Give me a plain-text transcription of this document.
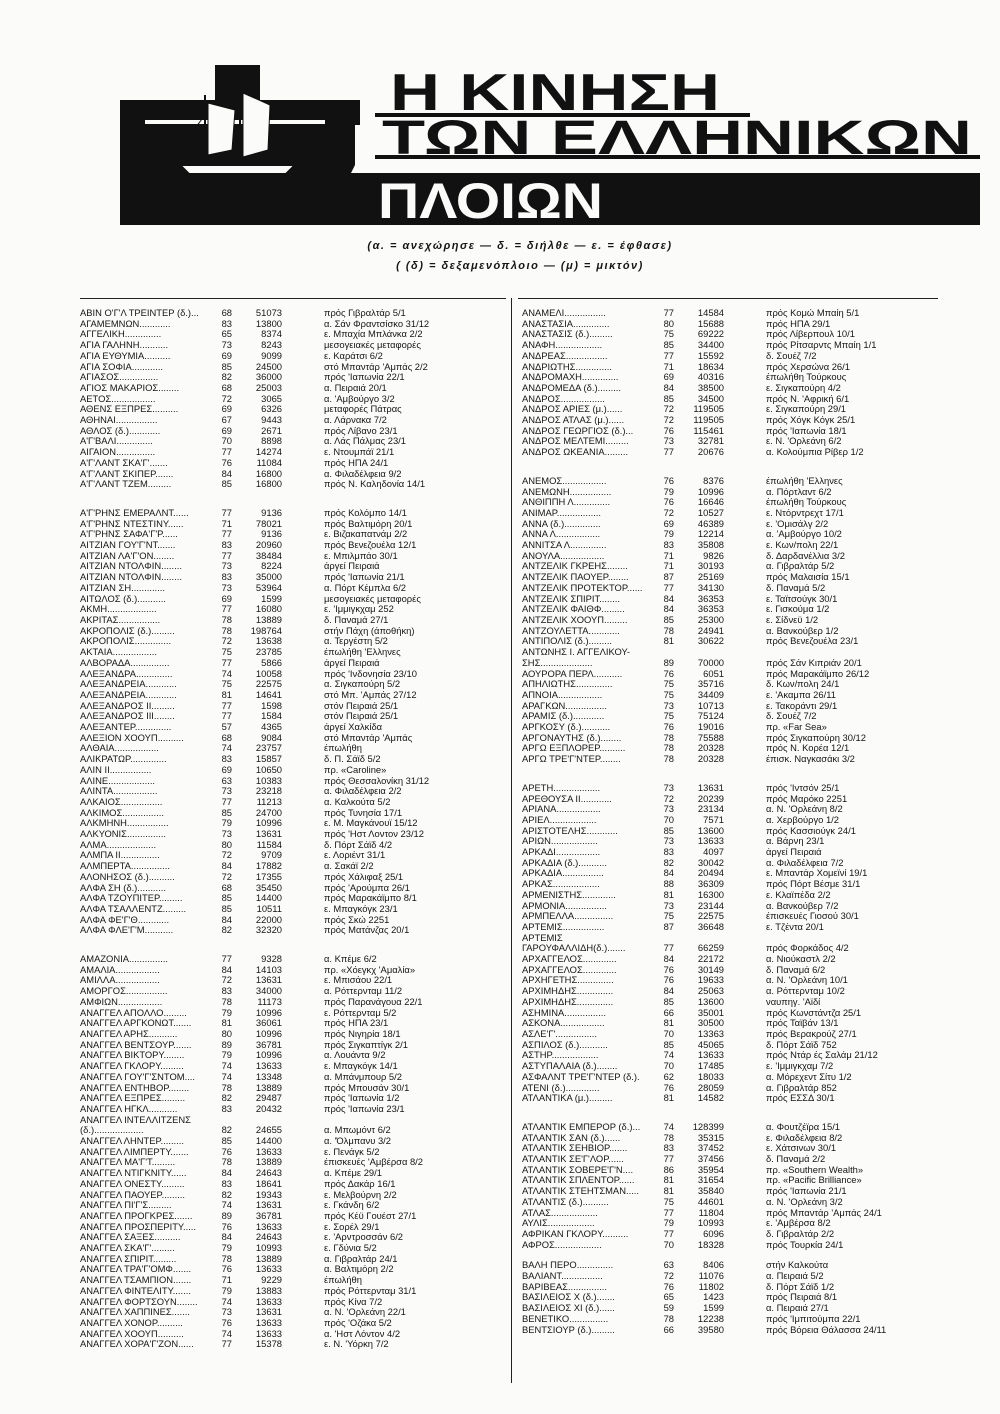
Η ΚΙΝΗΣΗ
ΤΩΝ ΕΛΛΗΝΙΚΩΝ
ΠΛΟΙΩΝ
(α. = ανεχώρησε — δ. = διήλθε — ε. = έφθασε)
( (δ) = δεξαμενόπλοιο — (μ) = μικτόν)
ΑΒΙΝ Ο'Γ'Λ ΤΡΕΙΝΤΕΡ (δ.)...	68	51073	πρός Γιβραλτάρ 5/1
ΑΓΑΜΕΜΝΩΝ............	83	13800	α. Σάν Φραντσίσκο 31/12
ΑΓΓΕΛΙΚΗ..............	65	8374	ε. Μπαχία Μπλάνκα 2/2
ΑΓΙΑ ΓΑΛΗΝΗ...........	73	8243	μεσογειακές μεταφορές
ΑΓΙΑ ΕΥΘΥΜΙΑ..........	69	9099	ε. Καράτσι 6/2
ΑΓΙΑ ΣΟΦΙΑ............	85	24500	στό Μπαντάρ 'Αμπάς 2/2
ΑΓΙΑΣΟΣ...............	82	36000	πρός 'Ιαπωνία 22/1
ΑΓΙΟΣ ΜΑΚΑΡΙΟΣ........	68	25003	α. Πειραιά 20/1
ΑΕΤΟΣ.................	72	3065	α. 'Αμβούργο 3/2
ΑΘΕΝΣ ΕΞΠΡΕΣ..........	69	6326	μεταφορές Πάτρας
ΑΘΗΝΑΙ................	67	9443	α. Λάρνακα 7/2
ΑΘΛΟΣ (δ.)............	69	2671	πρός Λίβανο 23/1
Α'Γ'ΒΑΛΙ..............	70	8898	α. Λάς Πάλμας 23/1
ΑΙΓΑΙΟΝ...............	77	14274	ε. Ντουμπάϊ 21/1
Α'Γ'ΛΑΝΤ ΣΚΑ'Γ'.......	76	11084	πρός ΗΠΑ 24/1
Α'Γ'ΛΑΝΤ ΣΚΙΠΕΡ.......	84	16800	α. Φιλαδέλφεια 9/2
Α'Γ'ΛΑΝΤ ΤΖΕΜ.........	85	16800	πρός Ν. Καληδονία 14/1
Α'Γ'ΡΗΝΣ ΕΜΕΡΑΛΝΤ......	77	9136	πρός Κολόμπο 14/1
Α'Γ'ΡΗΝΣ ΝΤΕΣΤΙΝΥ......	71	78021	πρός Βαλτιμόρη 20/1
Α'Γ'ΡΗΝΣ ΣΑΦΑ'Γ'Ρ......	77	9136	ε. Βιζακαπατνάμ 2/2
ΑΙΤΖΙΑΝ ΓΟΥ'Γ'ΝΤ.......	83	20960	πρός Βενεζουέλα 12/1
ΑΙΤΖΙΑΝ ΛΑ'Γ'ΟΝ........	77	38484	ε. Μπιλμπάο 30/1
ΑΙΤΖΙΑΝ ΝΤΟΛΦΙΝ........	73	8224	άργεί Πειραιά
ΑΙΤΖΙΑΝ ΝΤΟΛΦΙΝ........	83	35000	πρός 'Ιαπωνία 21/1
ΑΙΤΖΙΑΝ ΣΗ.............	73	53964	α. Πόρτ Κέμπλα 6/2
ΑΙΤΩΛΟΣ (δ.)...........	69	1599	μεσογειακές μεταφορές
ΑΚΜΗ...................	77	16080	ε. 'Ιμμιγκχαμ 252
ΑΚΡΙΤΑΣ................	78	13889	δ. Παναμά 27/1
ΑΚΡΟΠΟΛΙΣ (δ.).........	78	198764	στήν Πάχη (άποθήκη)
ΑΚΡΟΠΟΛΙΣ..............	72	13638	α. Τεργέστη 5/2
ΑΚΤΑΙΑ.................	75	23785	έπωλήθη 'Ελληνες
ΑΛΒΟΡΑΔΑ...............	77	5866	άργεί Πειραιά
ΑΛΕΞΑΝΔΡΑ..............	74	10058	πρός 'Ινδονησία 23/10
ΑΛΕΞΑΝΔΡΕΙΑ............	75	22575	α. Σιγκαπούρη 5/2
ΑΛΕΞΑΝΔΡΕΙΑ............	81	14641	στό Μπ. 'Αμπάς 27/12
ΑΛΕΞΑΝΔΡΟΣ II.........	77	1598	στόν Πειραιά 25/1
ΑΛΕΞΑΝΔΡΟΣ III........	77	1584	στόν Πειραιά 25/1
ΑΛΕΞΑΝΤΕΡ..............	57	4365	άργεί Χαλκίδα
ΑΛΕΞΙΟΝ ΧΟΟΥΠ..........	68	9084	στό Μπαντάρ 'Αμπάς
ΑΛΘΑΙΑ.................	74	23757	έπωλήθη
ΑΛΙΚΡΑΤΩΡ..............	83	15857	δ. Π. Σάϊδ 5/2
ΑΛΙΝ II................	69	10650	πρ. «Caroline»
ΑΛΙΝΕ..................	63	10383	πρός Θεσσαλονίκη 31/12
ΑΛΙΝΤΑ.................	73	23218	α. Φιλαδέλφεια 2/2
ΑΛΚΑΙΟΣ................	77	11213	α. Καλκούτα 5/2
ΑΛΚΙΜΟΣ................	85	24700	πρός Τυνησία 17/1
ΑΛΚΜΗΝΗ................	79	10996	ε. Μ. Μαγκάνουϊ 15/12
ΑΛΚΥΟΝΙΣ...............	73	13631	πρός 'Ηστ Λοντον 23/12
ΑΛΜΑ...................	80	11584	δ. Πόρτ Σάϊδ 4/2
ΑΛΜΠΑ II...............	72	9709	ε. Λοριέντ 31/1
ΑΛΜΠΕΡΤΑ...............	84	17882	α. Σακάϊ 2/2
ΑΛΟΝΗΣΟΣ (δ.)..........	72	17355	πρός Χάλιφαξ 25/1
ΑΛΦΑ ΣΗ (δ.)...........	68	35450	πρός 'Αρούμπα 26/1
ΑΛΦΑ ΤΖΟΥΠΙΤΕΡ.........	85	14400	πρός Μαρακάϊμπο 8/1
ΑΛΦΑ ΤΣΑΛΛΕΝΤΖ.........	85	10511	ε. Μπαγκόγκ 23/1
ΑΛΦΑ ΦΕ'Γ'Θ............	84	22000	πρός Σκώ 2251
ΑΛΦΑ ΦΛΕ'Γ'Μ...........	82	32320	πρός Ματάνζας 20/1
ΑΜΑΖΟΝΙΑ...............	77	9328	α. Κπέμε 6/2
ΑΜΑΛΙΑ.................	84	14103	πρ. «Χόεγκχ 'Αμαλία»
ΑΜΙΛΛΑ.................	72	13631	ε. Μπισάου 22/1
ΑΜΟΡΓΟΣ................	83	34000	α. Ρόττερνταμ 11/2
ΑΜΦΙΩΝ.................	78	11173	πρός Παρανάγουα 22/1
ΑΝΑΓΓΕΛ ΑΠΟΛΛΟ.........	79	10996	ε. Ρόττερνταμ 5/2
ΑΝΑΓΓΕΛ ΑΡΓΚΟΝΩΤ.......	81	36061	πρός ΗΠΑ 23/1
ΑΝΑΓΓΕΛ ΑΡΗΣ...........	80	10996	πρός Νιγηρία 18/1
ΑΝΑΓΓΕΛ ΒΕΝΤΣΟΥΡ.......	89	36781	πρός Σιγκαπτίγκ 2/1
ΑΝΑΓΓΕΛ ΒΙΚΤΟΡΥ........	79	10996	α. Λουάντα 9/2
ΑΝΑΓΓΕΛ ΓΚΛΟΡΥ.........	74	13633	ε. Μπαγκόγκ 14/1
ΑΝΑΓΓΕΛ ΓΟΥ'Γ'ΣΝΤΟΜ....	74	13348	α. Μπάνμπουρ 5/2
ΑΝΑΓΓΕΛ ΕΝΤΗΒΟΡ........	78	13889	πρός Μπουσάν 30/1
ΑΝΑΓΓΕΛ ΕΞΠΡΕΣ.........	82	29487	πρός 'Ιαπωνία 1/2
ΑΝΑΓΓΕΛ ΗΓΚΛ...........	83	20432	πρός 'Ιαπωνία 23/1
ΑΝΑΓΓΕΛ ΙΝΤΕΛΛΙΤΖΕΝΣ
(δ.)...................	82	24655	α. Μπωμόντ 6/2
ΑΝΑΓΓΕΛ ΛΗΝΤΕΡ.........	85	14400	α. 'Όλμπανυ 3/2
ΑΝΑΓΓΕΛ ΛΙΜΠΕΡΤΥ.......	76	13633	ε. Πενάγκ 5/2
ΑΝΑΓΓΕΛ ΜΑ'Γ'Τ.........	78	13889	έπισκευές 'Αμβέρσα 8/2
ΑΝΑΓΓΕΛ ΝΤΙΓΚΝΙΤΥ......	84	24643	α. Κπέμε 29/1
ΑΝΑΓΓΕΛ ΟΝΕΣΤΥ.........	83	18641	πρός Δακάρ 16/1
ΑΝΑΓΓΕΛ ΠΑΟΥΕΡ.........	82	19343	ε. Μελβούρνη 2/2
ΑΝΑΓΓΕΛ ΠΙ'Γ'Σ.........	74	13631	ε. Γκάνδη 6/2
ΑΝΑΓΓΕΛ ΠΡΟΓΚΡΕΣ.......	89	36781	πρός Κέϋ Γουέστ 27/1
ΑΝΑΓΓΕΛ ΠΡΟΣΠΕΡΙΤΥ.....	76	13633	ε. Σορέλ 29/1
ΑΝΑΓΓΕΛ ΣΑΞΕΣ..........	84	24643	ε. 'Αρντροσσάν 6/2
ΑΝΑΓΓΕΛ ΣΚΑ'Γ'.........	79	10993	ε. Γδύνια 5/2
ΑΝΑΓΓΕΛ ΣΠΙΡΙΤ.........	78	13889	α. Γιβραλτάρ 24/1
ΑΝΑΓΓΕΛ ΤΡΑ'Γ'ΟΜΦ.......	76	13633	α. Βαλτιμόρη 2/2
ΑΝΑΓΓΕΛ ΤΣΑΜΠΙΟΝ.......	71	9229	έπωλήθη
ΑΝΑΓΓΕΛ ΦΙΝΤΕΛΙΤΥ.......	79	13883	πρός Ρόττερνταμ 31/1
ΑΝΑΓΓΕΛ ΦΟΡΤΣΟΥΝ........	74	13633	πρός Κίνα 7/2
ΑΝΑΓΓΕΛ ΧΑΠΠΙΝΕΣ.......	73	13631	α. Ν. 'Ορλεάνη 22/1
ΑΝΑΓΓΕΛ ΧΟΝΟΡ..........	76	13633	πρός 'Οζάκα 5/2
ΑΝΑΓΓΕΛ ΧΟΟΥΠ..........	74	13633	α. 'Ηστ Λόντον 4/2
ΑΝΑΓΓΕΛ ΧΟΡΑ'Γ'ΖΟΝ......	77	15378	ε. Ν. 'Υόρκη 7/2
ΑΝΑΜΕΛΙ................	77	14584	πρός Κομώ Μπαίη 5/1
ΑΝΑΣΤΑΣΙΑ..............	80	15688	πρός ΗΠΑ 29/1
ΑΝΑΣΤΑΣΙΣ (δ.).........	75	69222	πρός Λίβερπουλ 10/1
ΑΝΑΦΗ..................	85	34400	πρός Ρίτσαρντς Μπαίη 1/1
ΑΝΔΡΕΑΣ................	77	15592	δ. Σουέζ 7/2
ΑΝΔΡΙΩΤΗΣ..............	71	18634	πρός Χερσώνα 26/1
ΑΝΔΡΟΜΑΧΗ..............	69	40316	έπωλήθη Τούρκους
ΑΝΔΡΟΜΕΔΑ (δ.).........	84	38500	ε. Σιγκαπούρη 4/2
ΑΝΔΡΟΣ.................	85	34500	πρός Ν. 'Αφρική 6/1
ΑΝΔΡΟΣ ΑΡΙΕΣ (μ.)......	72	119505	ε. Σιγκαπούρη 29/1
ΑΝΔΡΟΣ ΑΤΛΑΣ (μ.)......	72	119505	πρός Χόγκ Κόγκ 25/1
ΑΝΔΡΟΣ ΓΕΩΡΓΙΟΣ (δ.)...	76	115461	πρός 'Ιαπωνία 18/1
ΑΝΔΡΟΣ ΜΕΛΤΕΜΙ.........	73	32781	ε. Ν. 'Ορλεάνη 6/2
ΑΝΔΡΟΣ ΩΚΕΑΝΙΑ.........	77	20676	α. Κολούμπια Ρίβερ 1/2
ΑΝΕΜΟΣ.................	76	8376	έπωλήθη 'Ελληνες
ΑΝΕΜΩΝΗ................	79	10996	α. Πόρτλαντ 6/2
ΑΝΘΙΠΠΗ Λ..............	76	16646	έπωλήθη Τούρκους
ΑΝΙΜΑΡ.................	72	10527	ε. Ντόρντρεχτ 17/1
ΑΝΝΑ (δ.)..............	69	46389	ε. 'Ομισάλγ 2/2
ΑΝΝΑ Λ.................	79	12214	α. 'Αμβούργο 10/2
ΑΝΝΙΤΣΑ Λ..............	83	35808	ε. Κων/πολη 22/1
ΑΝΟΥΛΑ.................	71	9826	δ. Δαρδανέλλια 3/2
ΑΝΤΖΕΛΙΚ ΓΚΡΕΗΣ........	71	30193	α. Γιβραλτάρ 5/2
ΑΝΤΖΕΛΙΚ ΠΑΟΥΕΡ........	87	25169	πρός Μαλαισία 15/1
ΑΝΤΖΕΛΙΚ ΠΡΟΤΕΚΤΟΡ......	77	34130	δ. Παναμά 5/2
ΑΝΤΖΕΛΙΚ ΣΠΙΡΙΤ........	84	36353	ε. Ταϊτσούγκ 30/1
ΑΝΤΖΕΛΙΚ ΦΑΙΘΦ.........	84	36353	ε. Γισκούμα 1/2
ΑΝΤΖΕΛΙΚ ΧΟΟΥΠ.........	85	25300	ε. Σίδνεϋ 1/2
ΑΝΤΖΟΥΛΕΤΤΑ............	78	24941	α. Βανκούβερ 1/2
ΑΝΤΙΠΟΛΙΣ (δ.).........	81	30622	πρός Βενεζουέλα 23/1
ΑΝΤΩΝΗΣ Ι. ΑΓΓΕΛΙΚΟΥ-
ΣΗΣ....................	89	70000	πρός Σάν Κιπριάν 20/1
ΑΟΥΡΟΡΑ ΠΕΡΛ...........	76	6051	πρός Μαρακάϊμπο 26/12
ΑΠΗΛΙΩΤΗΣ..............	75	35716	δ. Κων/πολη 24/1
ΑΠΝΟΙΑ.................	75	34409	ε. 'Ακαμπα 26/11
ΑΡΑΓΚΩΝ................	73	10713	ε. Τακοράντι 29/1
ΑΡΑΜΙΣ (δ.)............	75	75124	δ. Σουέζ 7/2
ΑΡΓΚΟΣΥ (δ.)...........	76	19016	πρ. «Far Sea»
ΑΡΓΟΝΑΥΤΗΣ (δ.)........	78	75588	πρός Σιγκαπούρη 30/12
ΑΡΓΩ ΕΞΠΛΟΡΕΡ..........	78	20328	πρός Ν. Κορέα 12/1
ΑΡΓΩ ΤΡΕ'Γ'ΝΤΕΡ........	78	20328	έπισκ. Ναγκασάκι 3/2
ΑΡΕΤΗ..................	73	13631	πρός 'Ιντσόν 25/1
ΑΡΕΘΟΥΣΑ II............	72	20239	πρός Μαρόκο 2251
ΑΡΙΑΝΑ.................	73	23134	α. Ν. 'Ορλεάνη 8/2
ΑΡΙΕΛ..................	70	7571	α. Χερβούργο 1/2
ΑΡΙΣΤΟΤΕΛΗΣ............	85	13600	πρός Κασσιούγκ 24/1
ΑΡΙΩΝ..................	73	13633	α. Βάρνη 23/1
ΑΡΚΑΔΙ.................	83	4097	άργεί Πειραιά
ΑΡΚΑΔΙΑ (δ.)...........	82	30042	α. Φιλαδέλφεια 7/2
ΑΡΚΑΔΙΑ................	84	20494	ε. Μπαντάρ Χομεϊνί 19/1
ΑΡΚΑΣ..................	88	36309	πρός Πόρτ Βέσμε 31/1
ΑΡΜΕΝΙΣΤΗΣ.............	81	16300	ε. Κλαϊπέδα 2/2
ΑΡΜΟΝΙΑ................	73	23144	α. Βανκούβερ 7/2
ΑΡΜΠΕΛΛΑ...............	75	22575	έπισκευές Γιοσού 30/1
ΑΡΤΕΜΙΣ................	87	36648	ε. Τζέντα 20/1
ΑΡΤΕΜΙΣ
ΓΑΡΟΥΦΑΛΛΙΔΗ(δ.).......	77	66259	πρός Φορκάδος 4/2
ΑΡΧΑΓΓΕΛΟΣ.............	84	22172	α. Νιούκαστλ 2/2
ΑΡΧΑΓΓΕΛΟΣ.............	76	30149	δ. Παναμά 6/2
ΑΡΧΗΓΕΤΗΣ..............	76	19633	α. Ν. 'Ορλεάνη 10/1
ΑΡΧΙΜΗΔΗΣ..............	84	25063	α. Ρόττερνταμ 10/2
ΑΡΧΙΜΗΔΗΣ..............	85	13600	ναυπηγ. 'Αϊδί
ΑΣΗΜΙΝΑ................	66	35001	πρός Κωνστάντζα 25/1
ΑΣΚΟΝΑ.................	81	30500	πρός Ταϊβάν 13/1
ΑΣΛΕ'Γ'................	70	13363	πρός Βερακρούζ 27/1
ΑΣΠΙΛΟΣ (δ.)...........	85	45065	δ. Πόρτ Σάϊδ 752
ΑΣΤΗΡ..................	74	13633	πρός Ντάρ ές Σαλάμ 21/12
ΑΣΤΥΠΑΛΑΙΑ (δ.)........	70	17485	ε. 'Ιμμιγκχαμ 7/2
ΑΣΦΑΛΝΤ ΤΡΕ'Γ'ΝΤΕΡ (δ.).	62	18033	α. Μόρεχεντ Σίτυ 1/2
ΑΤΕΝΙ (δ.).............	76	28059	α. Γιβραλτάρ 852
ΑΤΛΑΝΤΙΚΑ (μ.).........	81	14582	πρός ΕΣΣΔ 30/1
ΑΤΛΑΝΤΙΚ ΕΜΠΕΡΟΡ (δ.)...	74	128399	α. Φουτζέϊρα 15/1
ΑΤΛΑΝΤΙΚ ΣΑΝ (δ.)......	78	35315	ε. Φιλαδέλφεια 8/2
ΑΤΛΑΝΤΙΚ ΣΕΗΒΙΟΡ.......	83	37452	ε. Χάτσινων 30/1
ΑΤΛΑΝΤΙΚ ΣΕ'Γ'ΛΟΡ......	77	37456	δ. Παναμά 2/2
ΑΤΛΑΝΤΙΚ ΣΟΒΕΡΕ'Γ'Ν....	86	35954	πρ. «Southern Wealth»
ΑΤΛΑΝΤΙΚ ΣΠΛΕΝΤΟΡ......	81	31654	πρ. «Pacific Brilliance»
ΑΤΛΑΝΤΙΚ ΣΤΕΗΤΣΜΑΝ.....	81	35840	πρός 'Ιαπωνία 21/1
ΑΤΛΑΝΤΙΣ (δ.)..........	75	44601	α. Ν. 'Ορλεάνη 3/2
ΑΤΛΑΣ..................	77	11804	πρός Μπαντάρ 'Αμπάς 24/1
ΑΥΛΙΣ..................	79	10993	ε. 'Αμβέρσα 8/2
ΑΦΡΙΚΑΝ ΓΚΛΟΡΥ..........	77	6096	δ. Γιβραλτάρ 2/2
ΑΦΡΟΣ..................	70	18328	πρός Τουρκία 24/1
ΒΑΛΗ ΠΕΡΟ..............	63	8406	στήν Καλκούτα
ΒΑΛΙΑΝΤ................	72	11076	α. Πειραιά 5/2
ΒΑΡΙΒΕΑΣ...............	76	11802	δ. Πόρτ Σάϊδ 1/2
ΒΑΣΙΛΕΙΟΣ Χ (δ.).......	65	1423	πρός Πειραιά 8/1
ΒΑΣΙΛΕΙΟΣ ΧΙ (δ.)......	59	1599	α. Πειραιά 27/1
ΒΕΝΕΤΙΚΟ...............	78	12238	πρός 'Ιμπιτούμπα 22/1
ΒΕΝΤΣΙΟΥΡ (δ.).........	66	39580	πρός Βόρεια Θάλασσα 24/11
